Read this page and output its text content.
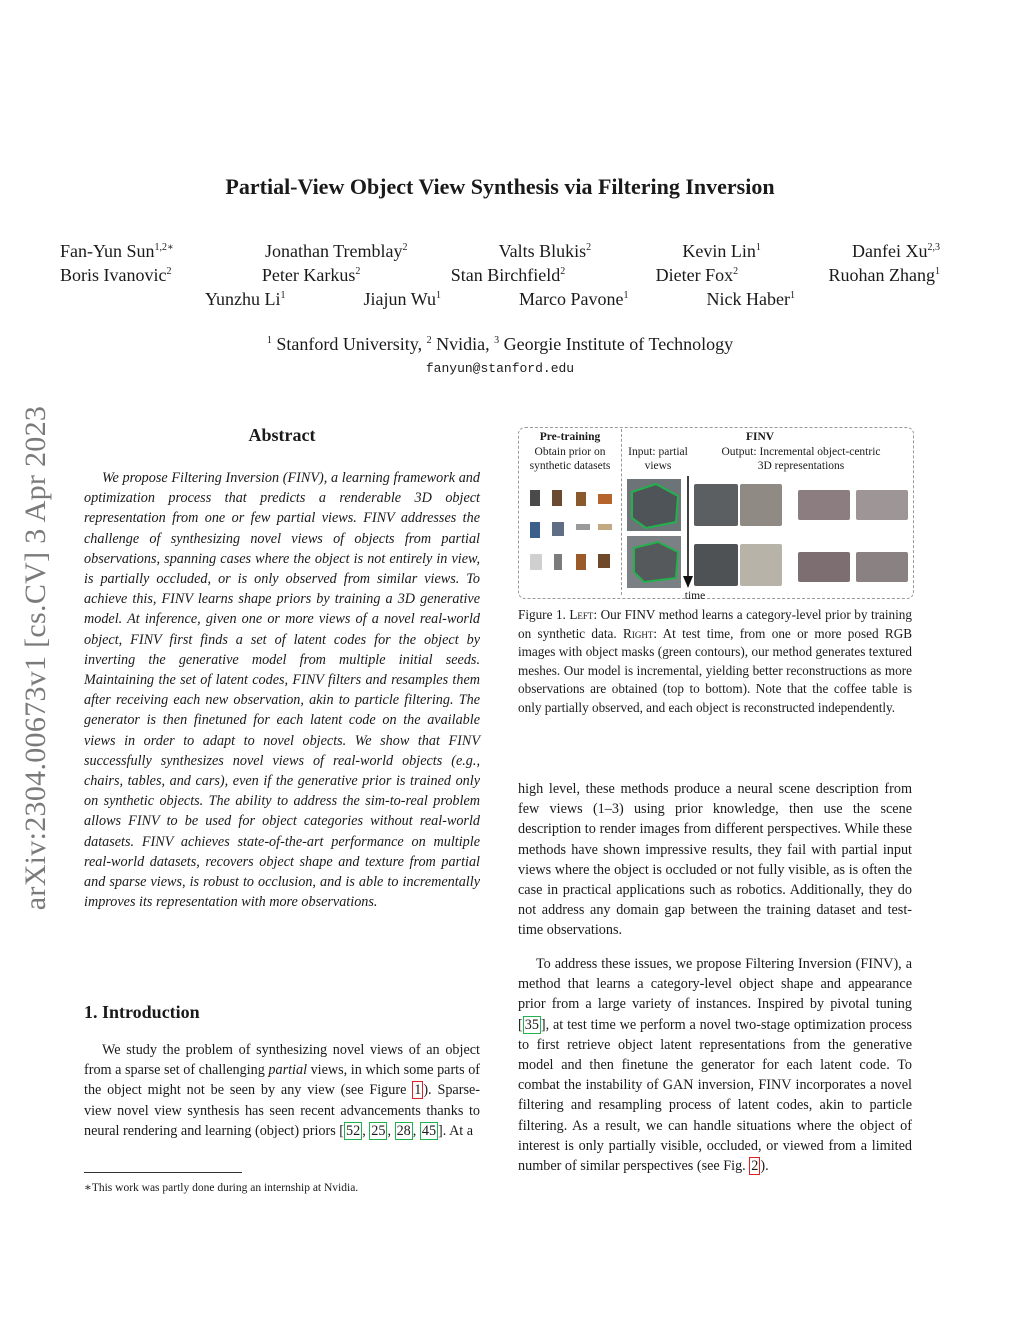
arXiv:2304.00673v1 [cs.CV] 3 Apr 2023
Partial-View Object View Synthesis via Filtering Inversion
Fan-Yun Sun$^{1,2∗}$	Jonathan Tremblay$^2$	Valts Blukis$^2$	Kevin Lin$^1$	Danfei Xu$^{2,3}$
Boris Ivanovic$^2$	Peter Karkus$^2$	Stan Birchfield$^2$	Dieter Fox$^2$	Ruohan Zhang$^1$
Yunzhu Li$^1$	Jiajun Wu$^1$	Marco Pavone$^1$	Nick Haber$^1$
$^1$ Stanford University, $^2$ Nvidia, $^3$ Georgie Institute of Technology
fanyun@stanford.edu
Abstract
We propose Filtering Inversion (FINV), a learning framework and optimization process that predicts a renderable 3D object representation from one or few partial views. FINV addresses the challenge of synthesizing novel views of objects from partial observations, spanning cases where the object is not entirely in view, is partially occluded, or is only observed from similar views. To achieve this, FINV learns shape priors by training a 3D generative model. At inference, given one or more views of a novel real-world object, FINV first finds a set of latent codes for the object by inverting the generative model from multiple initial seeds. Maintaining the set of latent codes, FINV filters and resamples them after receiving each new observation, akin to particle filtering. The generator is then finetuned for each latent code on the available views in order to adapt to novel objects. We show that FINV successfully synthesizes novel views of real-world objects (e.g., chairs, tables, and cars), even if the generative prior is trained only on synthetic objects. The ability to address the sim-to-real problem allows FINV to be used for object categories without real-world datasets. FINV achieves state-of-the-art performance on multiple real-world datasets, recovers object shape and texture from partial and sparse views, is robust to occlusion, and is able to incrementally improves its representation with more observations.
1. Introduction
We study the problem of synthesizing novel views of an object from a sparse set of challenging partial views, in which some parts of the object might not be seen by any view (see Figure 1 ). Sparse-view novel view synthesis has seen recent advancements thanks to neural rendering and learning (object) priors [ 52 , 25 , 28 , 45 ]. At a
∗This work was partly done during an internship at Nvidia.
Pre-training
Obtain prior on synthetic datasets
FINV
Input: partial views
Output: Incremental object-centric 3D representations
time
Figure 1. Left: Our FINV method learns a category-level prior by training on synthetic data. Right: At test time, from one or more posed RGB images with object masks (green contours), our method generates textured meshes. Our model is incremental, yielding better reconstructions as more observations are obtained (top to bottom). Note that the coffee table is only partially observed, and each object is reconstructed independently.
high level, these methods produce a neural scene description from few views (1–3) using prior knowledge, then use the scene description to render images from different perspectives. While these methods have shown impressive results, they fail with partial input views where the object is occluded or not fully visible, as is often the case in practical applications such as robotics. Additionally, they do not address any domain gap between the training dataset and test-time observations.
To address these issues, we propose Filtering Inversion (FINV), a method that learns a category-level object shape and appearance prior from a large variety of instances. Inspired by pivotal tuning [ 35 ], at test time we perform a novel two-stage optimization process to first retrieve object latent representations from the generative model and then finetune the generator for each latent code. To combat the instability of GAN inversion, FINV incorporates a novel filtering and resampling process of latent codes, akin to particle filtering. As a result, we can handle situations where the object of interest is only partially visible, occluded, or viewed from a limited number of similar perspectives (see Fig. 2 ).
